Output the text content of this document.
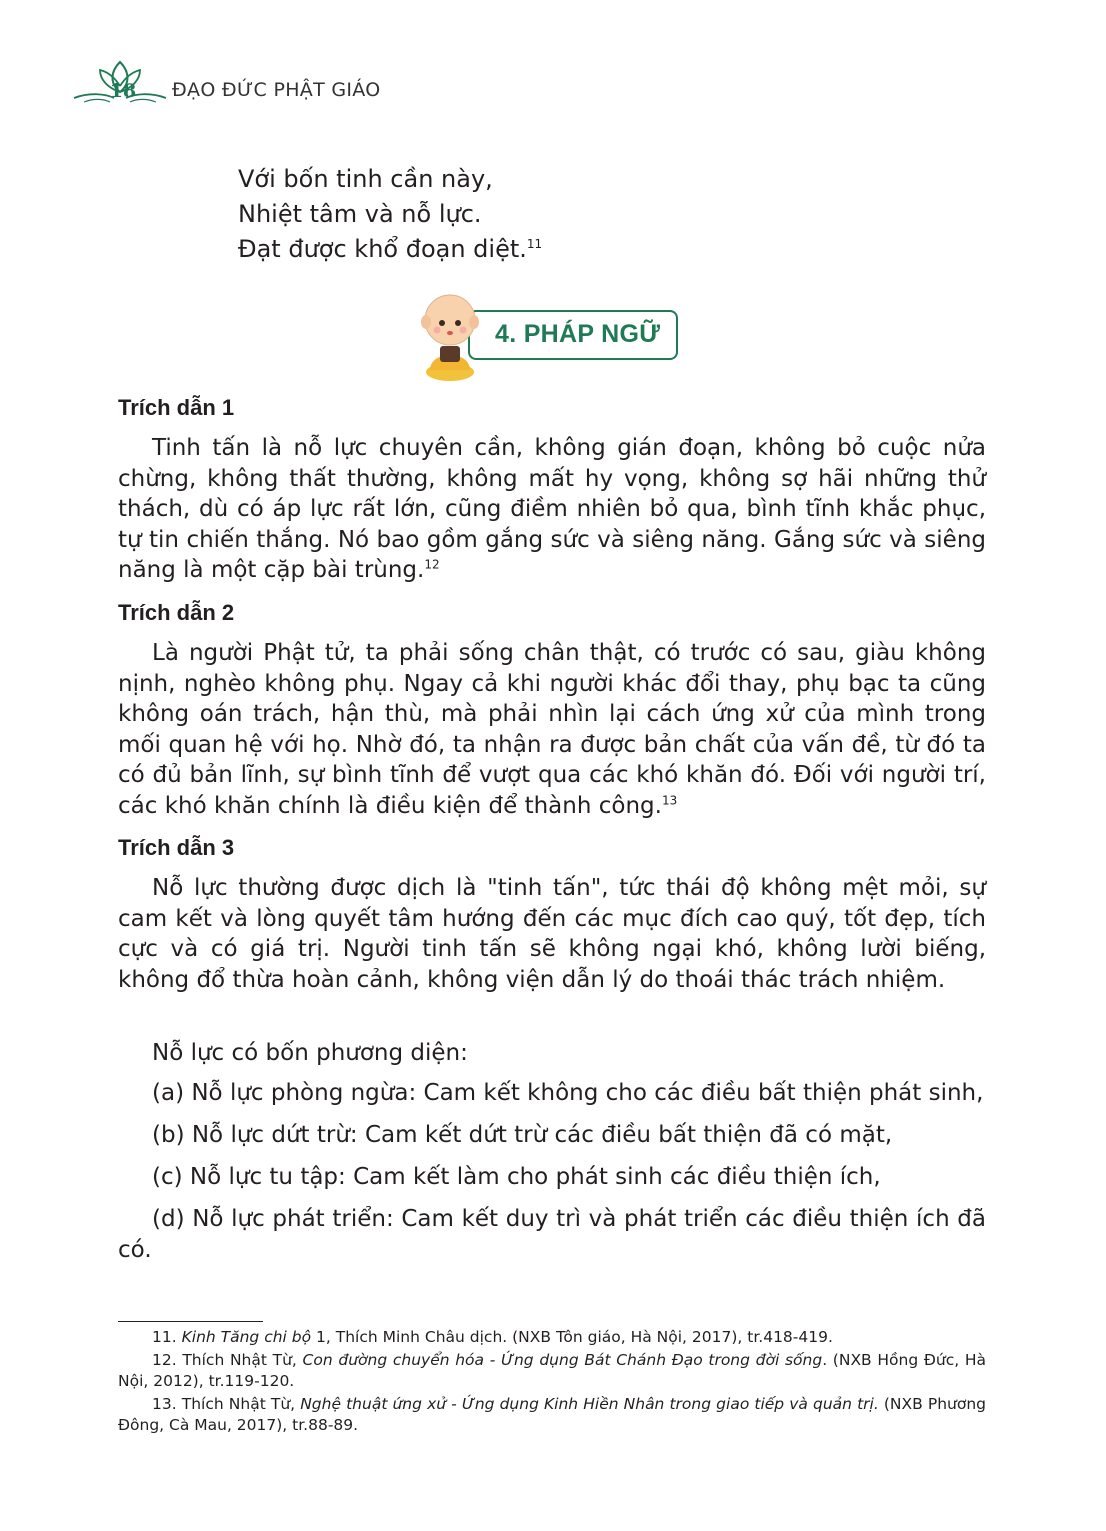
18	ĐẠO ĐỨC PHẬT GIÁO
Với bốn tinh cần này,
Nhiệt tâm và nỗ lực.
Đạt được khổ đoạn diệt.$^{11}$
4. PHÁP NGỮ
Trích dẫn 1
Tinh tấn là nỗ lực chuyên cần, không gián đoạn, không bỏ cuộc nửa chừng, không thất thường, không mất hy vọng, không sợ hãi những thử thách, dù có áp lực rất lớn, cũng điềm nhiên bỏ qua, bình tĩnh khắc phục, tự tin chiến thắng. Nó bao gồm gắng sức và siêng năng. Gắng sức và siêng năng là một cặp bài trùng.$^{12}$
Trích dẫn 2
Là người Phật tử, ta phải sống chân thật, có trước có sau, giàu không nịnh, nghèo không phụ. Ngay cả khi người khác đổi thay, phụ bạc ta cũng không oán trách, hận thù, mà phải nhìn lại cách ứng xử của mình trong mối quan hệ với họ. Nhờ đó, ta nhận ra được bản chất của vấn đề, từ đó ta có đủ bản lĩnh, sự bình tĩnh để vượt qua các khó khăn đó. Đối với người trí, các khó khăn chính là điều kiện để thành công.$^{13}$
Trích dẫn 3
Nỗ lực thường được dịch là "tinh tấn", tức thái độ không mệt mỏi, sự cam kết và lòng quyết tâm hướng đến các mục đích cao quý, tốt đẹp, tích cực và có giá trị. Người tinh tấn sẽ không ngại khó, không lười biếng, không đổ thừa hoàn cảnh, không viện dẫn lý do thoái thác trách nhiệm.
Nỗ lực có bốn phương diện:
(a) Nỗ lực phòng ngừa: Cam kết không cho các điều bất thiện phát sinh,
(b) Nỗ lực dứt trừ: Cam kết dứt trừ các điều bất thiện đã có mặt,
(c) Nỗ lực tu tập: Cam kết làm cho phát sinh các điều thiện ích,
(d) Nỗ lực phát triển: Cam kết duy trì và phát triển các điều thiện ích đã có.
11. Kinh Tăng chi bộ 1, Thích Minh Châu dịch. (NXB Tôn giáo, Hà Nội, 2017), tr.418-419.
12. Thích Nhật Từ, Con đường chuyển hóa - Ứng dụng Bát Chánh Đạo trong đời sống. (NXB Hồng Đức, Hà Nội, 2012), tr.119-120.
13. Thích Nhật Từ, Nghệ thuật ứng xử - Ứng dụng Kinh Hiền Nhân trong giao tiếp và quản trị. (NXB Phương Đông, Cà Mau, 2017), tr.88-89.
